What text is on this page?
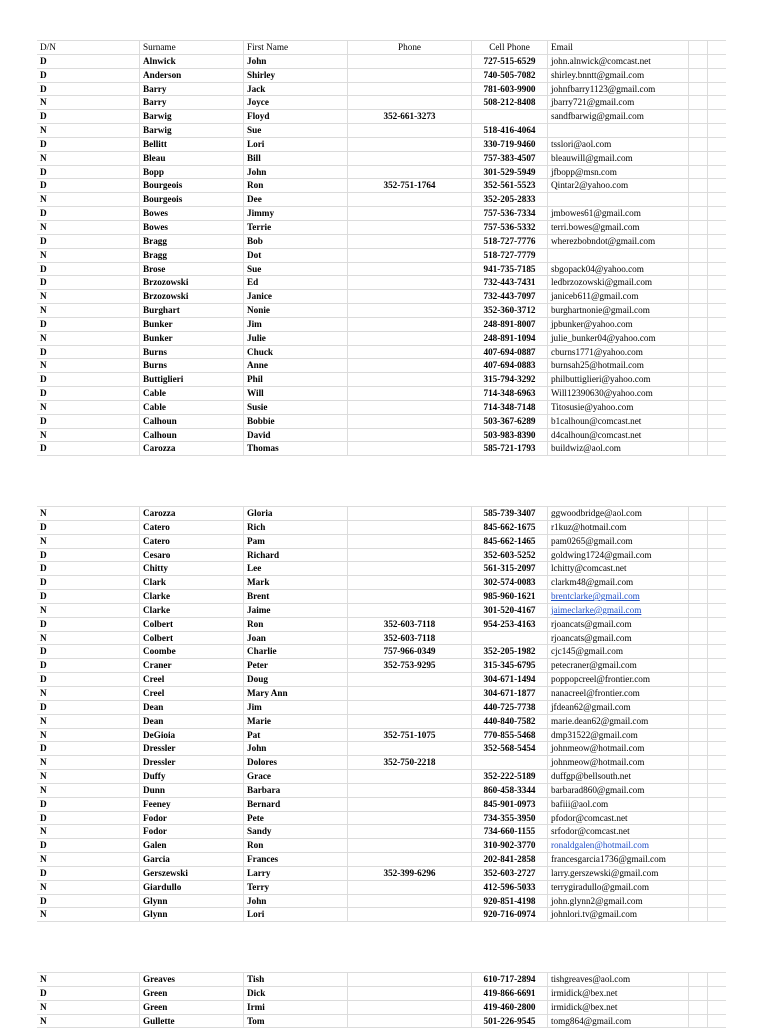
D/N	Surname	First Name	Phone	Cell Phone	Email		
D	Alnwick	John		727-515-6529	john.alnwick@comcast.net		
D	Anderson	Shirley		740-505-7082	shirley.bnntt@gmail.com		
D	Barry	Jack		781-603-9900	johnfbarry1123@gmail.com		
N	Barry	Joyce		508-212-8408	jbarry721@gmail.com		
D	Barwig	Floyd	352-661-3273		sandfbarwig@gmail.com		
N	Barwig	Sue		518-416-4064			
D	Bellitt	Lori		330-719-9460	tsslori@aol.com		
N	Bleau	Bill		757-383-4507	bleauwill@gmail.com		
D	Bopp	John		301-529-5949	jfbopp@msn.com		
D	Bourgeois	Ron	352-751-1764	352-561-5523	Qintar2@yahoo.com		
N	Bourgeois	Dee		352-205-2833			
D	Bowes	Jimmy		757-536-7334	jmbowes61@gmail.com		
N	Bowes	Terrie		757-536-5332	terri.bowes@gmail.com		
D	Bragg	Bob		518-727-7776	wherezbobndot@gmail.com		
N	Bragg	Dot		518-727-7779			
D	Brose	Sue		941-735-7185	sbgopack04@yahoo.com		
D	Brzozowski	Ed		732-443-7431	ledbrzozowski@gmail.com		
N	Brzozowski	Janice		732-443-7097	janiceb611@gmail.com		
N	Burghart	Nonie		352-360-3712	burghartnonie@gmail.com		
D	Bunker	Jim		248-891-8007	jpbunker@yahoo.com		
N	Bunker	Julie		248-891-1094	julie_bunker04@yahoo.com		
D	Burns	Chuck		407-694-0887	cburns1771@yahoo.com		
N	Burns	Anne		407-694-0883	burnsah25@hotmail.com		
D	Buttiglieri	Phil		315-794-3292	philbuttiglieri@yahoo.com		
D	Cable	Will		714-348-6963	Will12390630@yahoo.com		
N	Cable	Susie		714-348-7148	Titosusie@yahoo.com		
D	Calhoun	Bobbie		503-367-6289	b1calhoun@comcast.net		
N	Calhoun	David		503-983-8390	d4calhoun@comcast.net		
D	Carozza	Thomas		585-721-1793	buildwiz@aol.com		
N	Carozza	Gloria		585-739-3407	ggwoodbridge@aol.com		
D	Catero	Rich		845-662-1675	r1kuz@hotmail.com		
N	Catero	Pam		845-662-1465	pam0265@gmail.com		
D	Cesaro	Richard		352-603-5252	goldwing1724@gmail.com		
D	Chitty	Lee		561-315-2097	lchitty@comcast.net		
D	Clark	Mark		302-574-0083	clarkm48@gmail.com		
D	Clarke	Brent		985-960-1621	brentclarke@gmail.com		
N	Clarke	Jaime		301-520-4167	jaimeclarke@gmail.com		
D	Colbert	Ron	352-603-7118	954-253-4163	rjoancats@gmail.com		
N	Colbert	Joan	352-603-7118		rjoancats@gmail.com		
D	Coombe	Charlie	757-966-0349	352-205-1982	cjc145@gmail.com		
D	Craner	Peter	352-753-9295	315-345-6795	petecraner@gmail.com		
D	Creel	Doug		304-671-1494	poppopcreel@frontier.com		
N	Creel	Mary Ann		304-671-1877	nanacreel@frontier.com		
D	Dean	Jim		440-725-7738	jfdean62@gmail.com		
N	Dean	Marie		440-840-7582	marie.dean62@gmail.com		
N	DeGioia	Pat	352-751-1075	770-855-5468	dmp31522@gmail.com		
D	Dressler	John		352-568-5454	johnmeow@hotmail.com		
N	Dressler	Dolores	352-750-2218		johnmeow@hotmail.com		
N	Duffy	Grace		352-222-5189	duffgp@bellsouth.net		
N	Dunn	Barbara		860-458-3344	barbarad860@gmail.com		
D	Feeney	Bernard		845-901-0973	bafiii@aol.com		
D	Fodor	Pete		734-355-3950	pfodor@comcast.net		
N	Fodor	Sandy		734-660-1155	srfodor@comcast.net		
D	Galen	Ron		310-902-3770	ronaldgalen@hotmail.com		
N	Garcia	Frances		202-841-2858	francesgarcia1736@gmail.com		
D	Gerszewski	Larry	352-399-6296	352-603-2727	larry.gerszewski@gmail.com		
N	Giardullo	Terry		412-596-5033	terrygiradullo@gmail.com		
D	Glynn	John		920-851-4198	john.glynn2@gmail.com		
N	Glynn	Lori		920-716-0974	johnlori.tv@gmail.com		
N	Greaves	Tish		610-717-2894	tishgreaves@aol.com		
D	Green	Dick		419-866-6691	irmidick@bex.net		
N	Green	Irmi		419-460-2800	irmidick@bex.net		
N	Gullette	Tom		501-226-9545	tomg864@gmail.com		
